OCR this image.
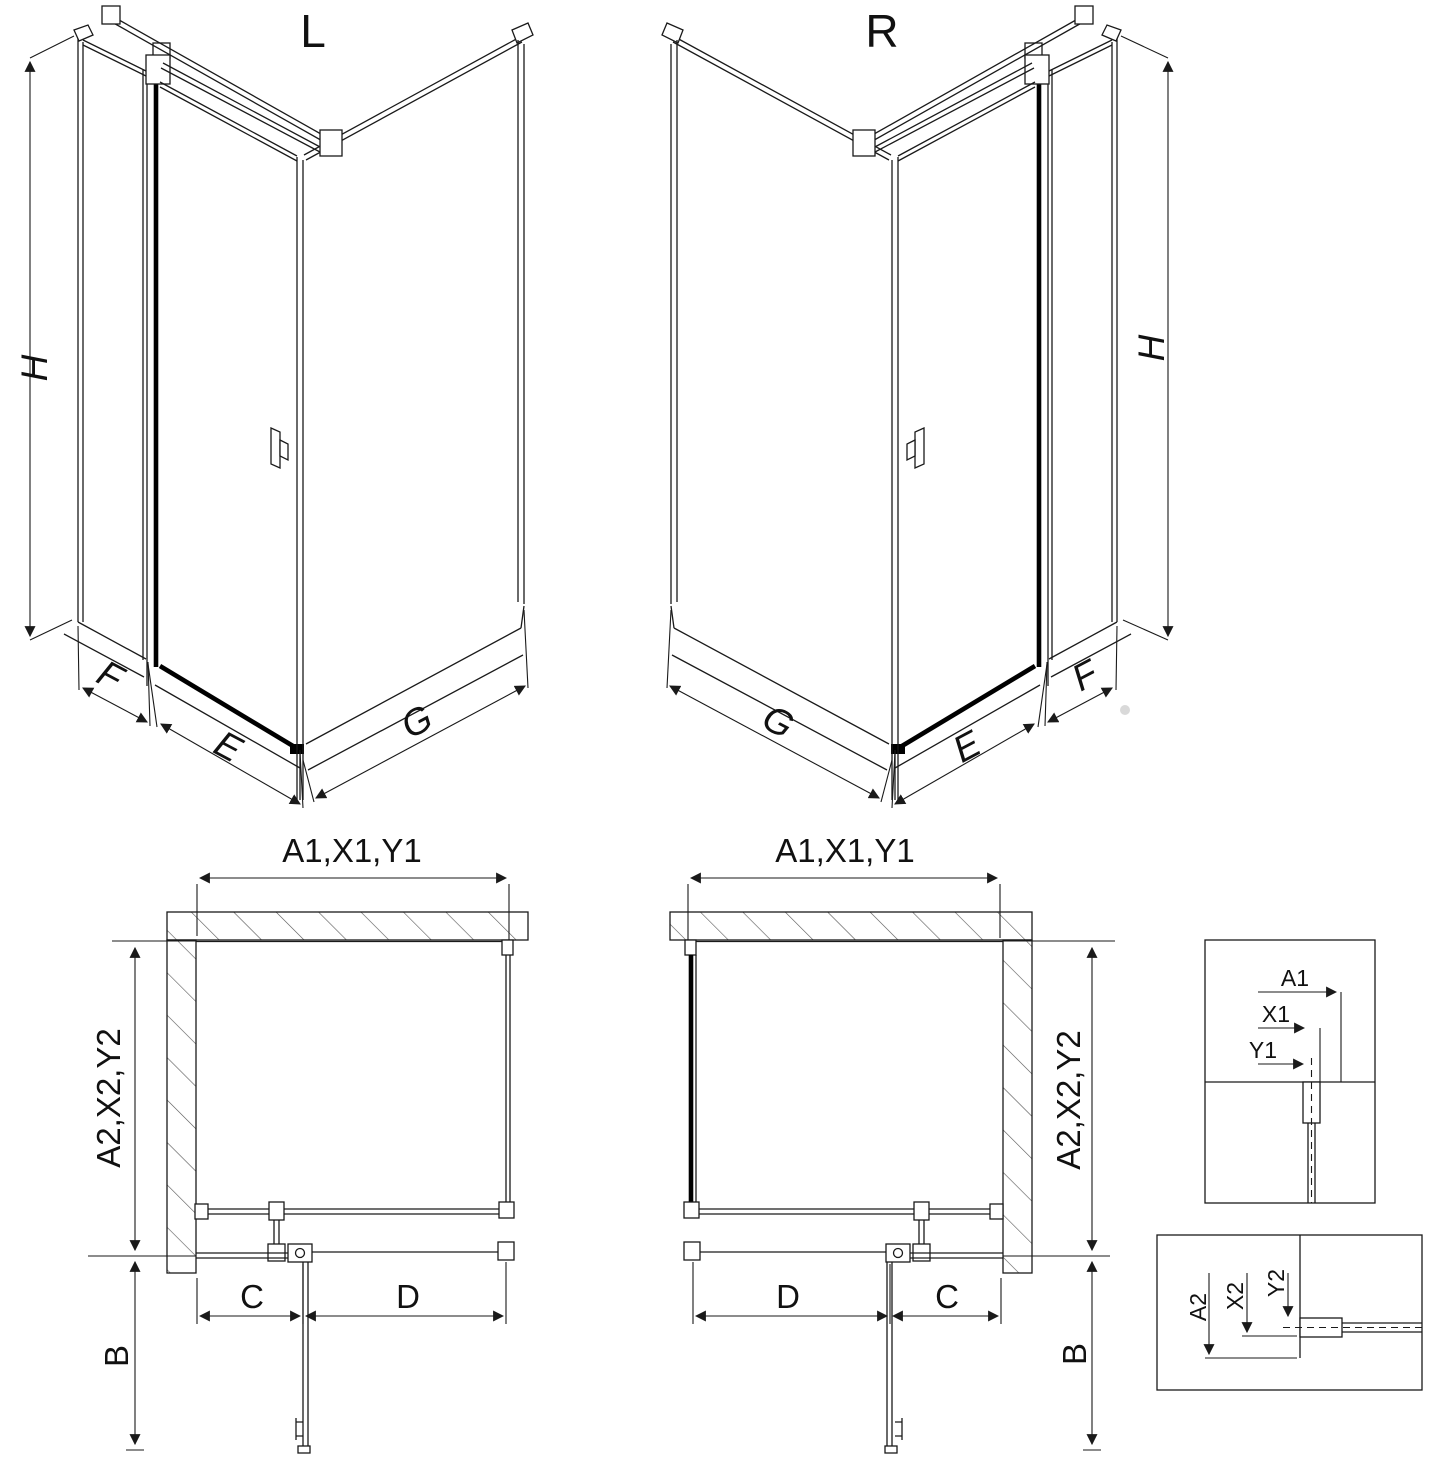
L	R
H
F
E
G
H
F
E
G
A1,X1,Y1
A2,X2,Y2
C	D
B
A1,X1,Y1
A2,X2,Y2
D	C
B
A1
X1
Y1
A2 X2 Y2
